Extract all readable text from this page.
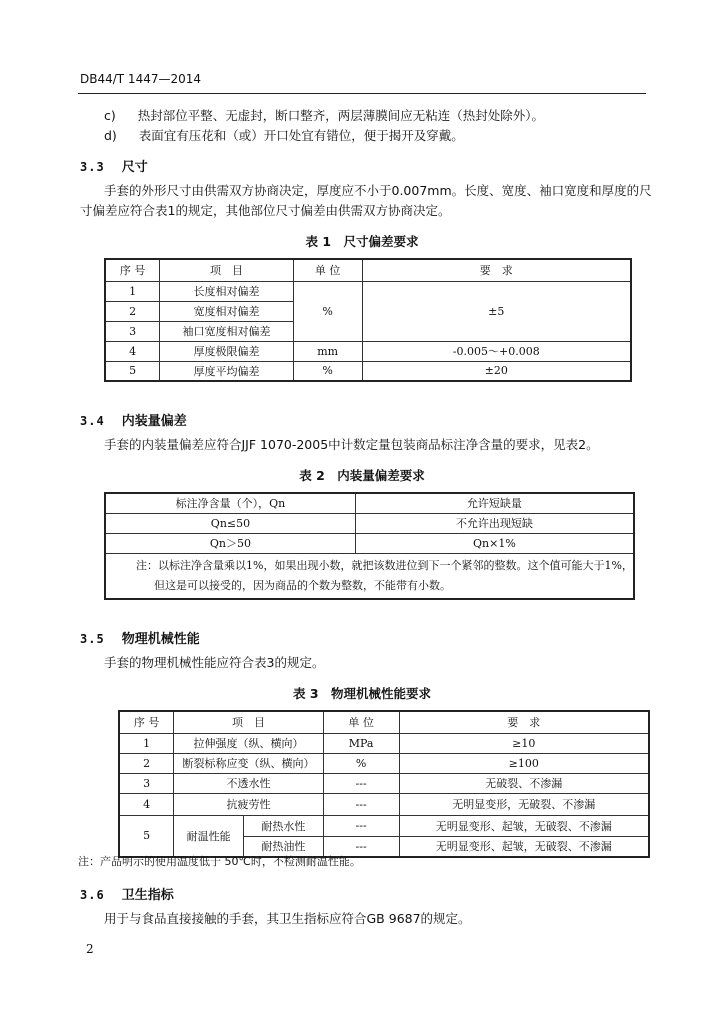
DB44/T 1447—2014
c) 热封部位平整、无虚封，断口整齐，两层薄膜间应无粘连（热封处除外）。
d) 表面宜有压花和（或）开口处宜有错位，便于揭开及穿戴。
3.3 尺寸
手套的外形尺寸由供需双方协商决定，厚度应不小于0.007mm。长度、宽度、袖口宽度和厚度的尺
寸偏差应符合表1的规定，其他部位尺寸偏差由供需双方协商决定。
表 1　尺寸偏差要求
序 号	项　目	单 位	要　求
1	长度相对偏差	%	±5
2	宽度相对偏差		
3	袖口宽度相对偏差		
4	厚度极限偏差	mm	-0.005～+0.008
5	厚度平均偏差	%	±20
3.4 内装量偏差
手套的内装量偏差应符合JJF 1070-2005中计数定量包装商品标注净含量的要求，见表2。
表 2　内装量偏差要求
标注净含量（个），Qn	允许短缺量
Qn≤50	不允许出现短缺
Qn＞50	Qn×1%

注：以标注净含量乘以1%，如果出现小数，就把该数进位到下一个紧邻的整数。这个值可能大于1%，
但这是可以接受的，因为商品的个数为整数，不能带有小数。	
3.5 物理机械性能
手套的物理机械性能应符合表3的规定。
表 3　物理机械性能要求
序 号	项　目		单 位	要　求
1	拉伸强度（纵、横向）		MPa	≥10
2	断裂标称应变（纵、横向）		%	≥100
3	不透水性		---	无破裂、不渗漏
4	抗疲劳性		---	无明显变形，无破裂、不渗漏
5	耐温性能	耐热水性	---	无明显变形、起皱，无破裂、不渗漏
		耐热油性	---	无明显变形、起皱，无破裂、不渗漏
注：产品明示的使用温度低于 50℃时，不检测耐温性能。
3.6 卫生指标
用于与食品直接接触的手套，其卫生指标应符合GB 9687的规定。
2
